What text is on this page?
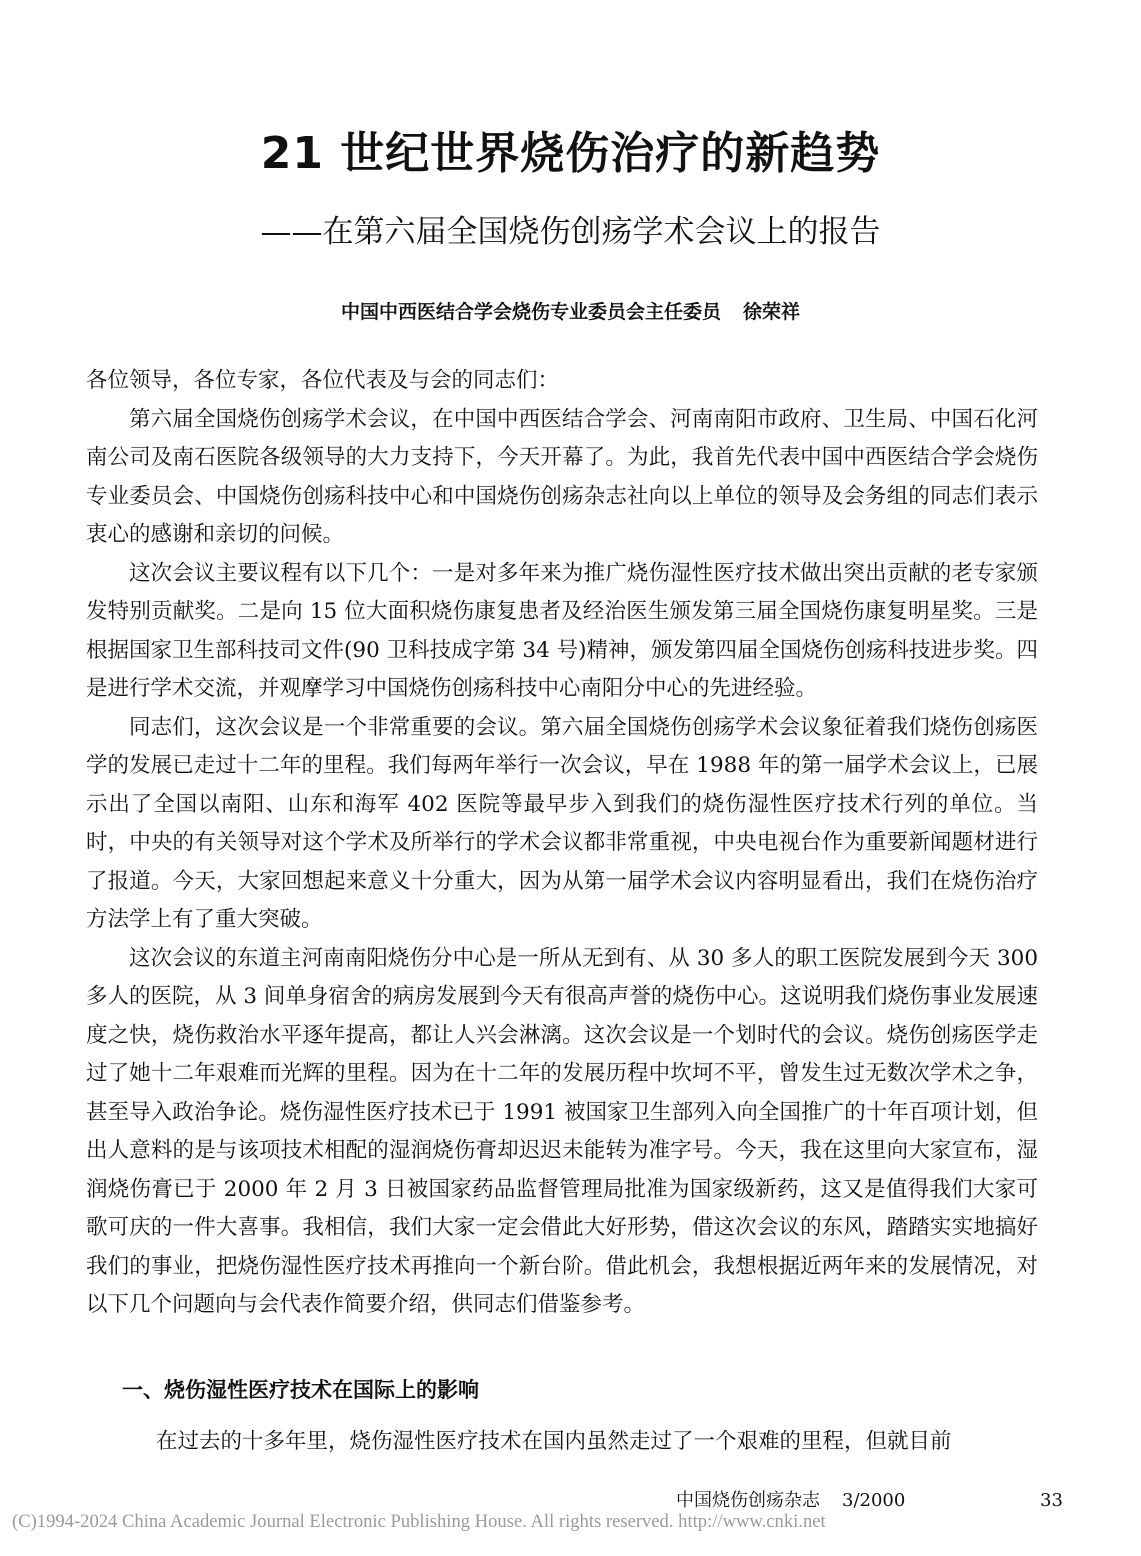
21 世纪世界烧伤治疗的新趋势
——在第六届全国烧伤创疡学术会议上的报告
中国中西医结合学会烧伤专业委员会主任委员 徐荣祥

各位领导，各位专家，各位代表及与会的同志们：

第六届全国烧伤创疡学术会议，在中国中西医结合学会、河南南阳市政府、卫生局、中国石化河南公司及南石医院各级领导的大力支持下，今天开幕了。为此，我首先代表中国中西医结合学会烧伤专业委员会、中国烧伤创疡科技中心和中国烧伤创疡杂志社向以上单位的领导及会务组的同志们表示衷心的感谢和亲切的问候。

这次会议主要议程有以下几个：一是对多年来为推广烧伤湿性医疗技术做出突出贡献的老专家颁发特别贡献奖。二是向 15 位大面积烧伤康复患者及经治医生颁发第三届全国烧伤康复明星奖。三是根据国家卫生部科技司文件(90 卫科技成字第 34 号)精神，颁发第四届全国烧伤创疡科技进步奖。四是进行学术交流，并观摩学习中国烧伤创疡科技中心南阳分中心的先进经验。

同志们，这次会议是一个非常重要的会议。第六届全国烧伤创疡学术会议象征着我们烧伤创疡医学的发展已走过十二年的里程。我们每两年举行一次会议，早在 1988 年的第一届学术会议上，已展示出了全国以南阳、山东和海军 402 医院等最早步入到我们的烧伤湿性医疗技术行列的单位。当时，中央的有关领导对这个学术及所举行的学术会议都非常重视，中央电视台作为重要新闻题材进行了报道。今天，大家回想起来意义十分重大，因为从第一届学术会议内容明显看出，我们在烧伤治疗方法学上有了重大突破。

这次会议的东道主河南南阳烧伤分中心是一所从无到有、从 30 多人的职工医院发展到今天 300 多人的医院，从 3 间单身宿舍的病房发展到今天有很高声誉的烧伤中心。这说明我们烧伤事业发展速度之快，烧伤救治水平逐年提高，都让人兴会淋漓。这次会议是一个划时代的会议。烧伤创疡医学走过了她十二年艰难而光辉的里程。因为在十二年的发展历程中坎坷不平，曾发生过无数次学术之争，甚至导入政治争论。烧伤湿性医疗技术已于 1991 被国家卫生部列入向全国推广的十年百项计划，但出人意料的是与该项技术相配的湿润烧伤膏却迟迟未能转为准字号。今天，我在这里向大家宣布，湿润烧伤膏已于 2000 年 2 月 3 日被国家药品监督管理局批准为国家级新药，这又是值得我们大家可歌可庆的一件大喜事。我相信，我们大家一定会借此大好形势，借这次会议的东风，踏踏实实地搞好我们的事业，把烧伤湿性医疗技术再推向一个新台阶。借此机会，我想根据近两年来的发展情况，对以下几个问题向与会代表作简要介绍，供同志们借鉴参考。

一、烧伤湿性医疗技术在国际上的影响
在过去的十多年里，烧伤湿性医疗技术在国内虽然走过了一个艰难的里程，但就目前
中国烧伤创疡杂志 3/2000	33
(C)1994-2024 China Academic Journal Electronic Publishing House. All rights reserved. http://www.cnki.net
